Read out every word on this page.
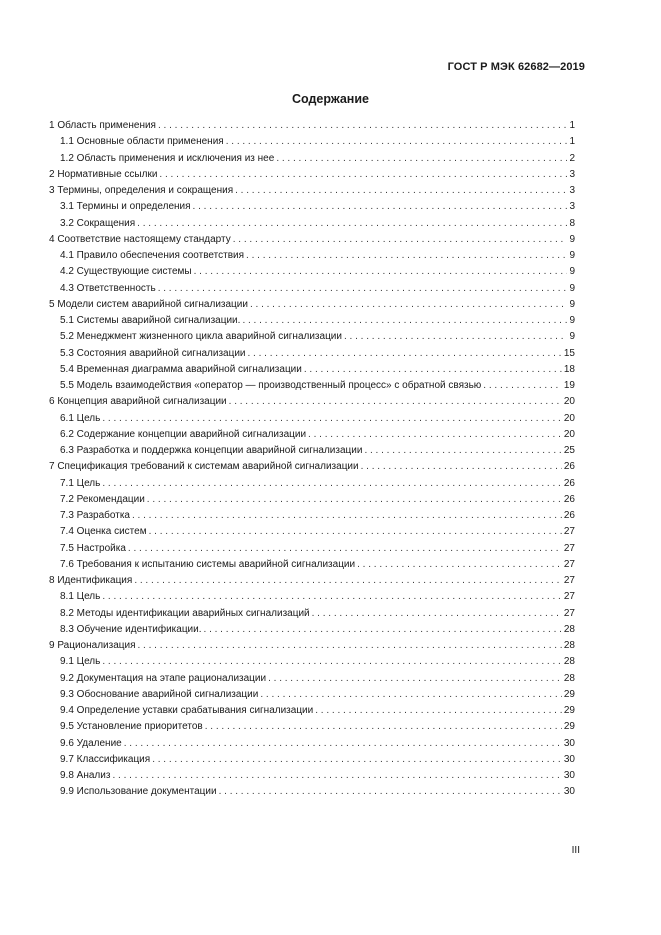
ГОСТ Р МЭК 62682—2019
Содержание
1 Область применения . . .	1
1.1 Основные области применения . . .	1
1.2 Область применения и исключения из нее . . .	2
2 Нормативные ссылки . . .	3
3 Термины, определения и сокращения . . .	3
3.1 Термины и определения . . .	3
3.2 Сокращения . . .	8
4 Соответствие настоящему стандарту . . .	9
4.1 Правило обеспечения соответствия . . .	9
4.2 Существующие системы . . .	9
4.3 Ответственность . . .	9
5 Модели систем аварийной сигнализации . . .	9
5.1 Системы аварийной сигнализации. . . .	9
5.2 Менеджмент жизненного цикла аварийной сигнализации . . .	9
5.3 Состояния аварийной сигнализации . . .	15
5.4 Временная диаграмма аварийной сигнализации . . .	18
5.5 Модель взаимодействия «оператор — производственный процесс» с обратной связью . . .	19
6 Концепция аварийной сигнализации . . .	20
6.1 Цель . . .	20
6.2 Содержание концепции аварийной сигнализации . . .	20
6.3 Разработка и поддержка концепции аварийной сигнализации . . .	25
7 Спецификация требований к системам аварийной сигнализации . . .	26
7.1 Цель . . .	26
7.2 Рекомендации . . .	26
7.3 Разработка . . .	26
7.4 Оценка систем . . .	27
7.5 Настройка . . .	27
7.6 Требования к испытанию системы аварийной сигнализации . . .	27
8 Идентификация . . .	27
8.1 Цель . . .	27
8.2 Методы идентификации аварийных сигнализаций . . .	27
8.3 Обучение идентификации. . . .	28
9 Рационализация . . .	28
9.1 Цель . . .	28
9.2 Документация на этапе рационализации . . .	28
9.3 Обоснование аварийной сигнализации . . .	29
9.4 Определение уставки срабатывания сигнализации . . .	29
9.5 Установление приоритетов . . .	29
9.6 Удаление . . .	30
9.7 Классификация . . .	30
9.8 Анализ . . .	30
9.9 Использование документации . . .	30
III
